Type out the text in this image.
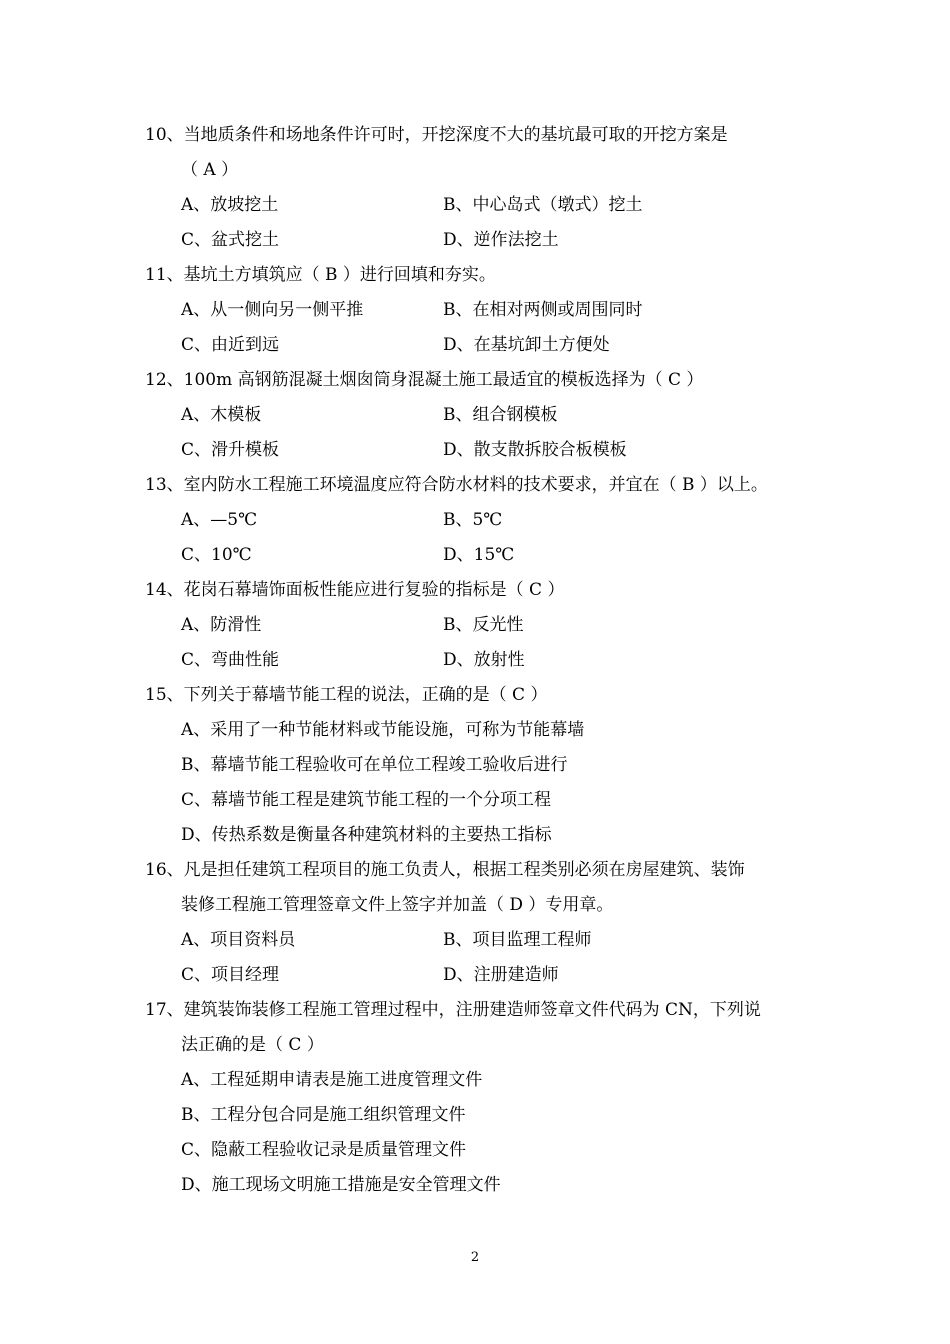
10、当地质条件和场地条件许可时，开挖深度不大的基坑最可取的开挖方案是
（ A ）
A、放坡挖土	B、中心岛式（墩式）挖土
C、盆式挖土	D、逆作法挖土
11、基坑土方填筑应（ B ）进行回填和夯实。
A、从一侧向另一侧平推	B、在相对两侧或周围同时
C、由近到远	D、在基坑卸土方便处
12、100m 高钢筋混凝土烟囱筒身混凝土施工最适宜的模板选择为（ C ）
A、木模板	B、组合钢模板
C、滑升模板	D、散支散拆胶合板模板
13、室内防水工程施工环境温度应符合防水材料的技术要求，并宜在（ B ）以上。
A、—5℃	B、5℃
C、10℃	D、15℃
14、花岗石幕墙饰面板性能应进行复验的指标是（ C ）
A、防滑性	B、反光性
C、弯曲性能	D、放射性
15、下列关于幕墙节能工程的说法，正确的是（ C ）
A、采用了一种节能材料或节能设施，可称为节能幕墙
B、幕墙节能工程验收可在单位工程竣工验收后进行
C、幕墙节能工程是建筑节能工程的一个分项工程
D、传热系数是衡量各种建筑材料的主要热工指标
16、凡是担任建筑工程项目的施工负责人，根据工程类别必须在房屋建筑、装饰
装修工程施工管理签章文件上签字并加盖（ D ）专用章。
A、项目资料员	B、项目监理工程师
C、项目经理	D、注册建造师
17、建筑装饰装修工程施工管理过程中，注册建造师签章文件代码为 CN，下列说
法正确的是（ C ）
A、工程延期申请表是施工进度管理文件
B、工程分包合同是施工组织管理文件
C、隐蔽工程验收记录是质量管理文件
D、施工现场文明施工措施是安全管理文件
2
